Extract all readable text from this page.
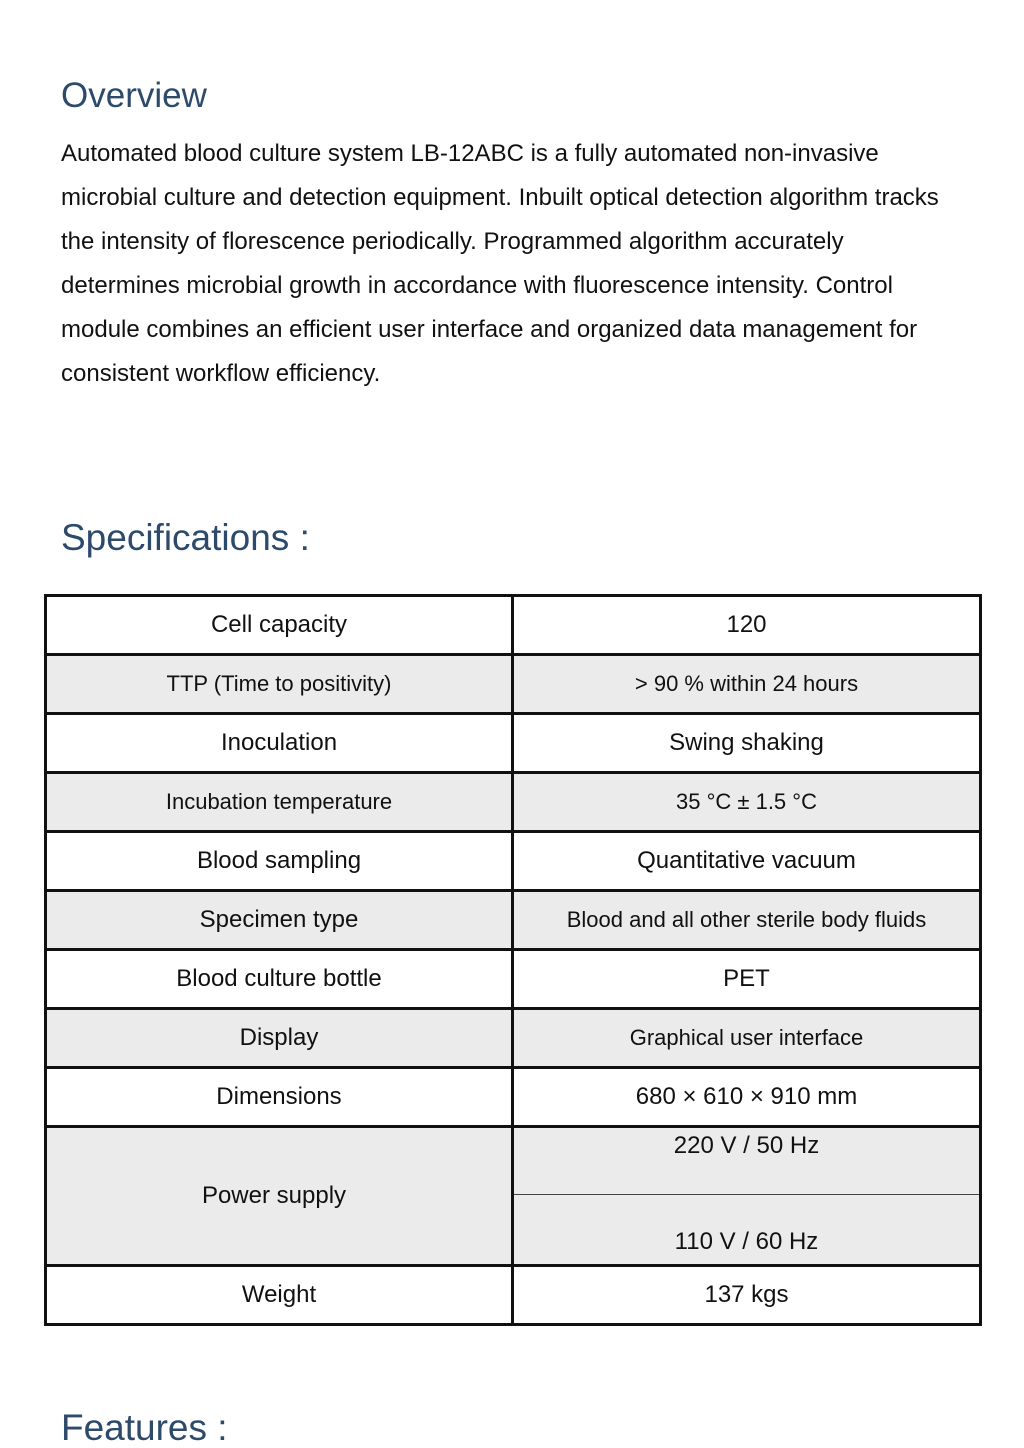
Overview

Automated blood culture system LB-12ABC is a fully automated non-invasive microbial culture and detection equipment. Inbuilt optical detection algorithm tracks the intensity of florescence periodically. Programmed algorithm accurately determines microbial growth in accordance with fluorescence intensity. Control module combines an efficient user interface and organized data management for consistent workflow efficiency.

Specifications :
Cell capacity	120
TTP (Time to positivity)	> 90 % within 24 hours
Inoculation	Swing shaking
Incubation temperature	35 °C ± 1.5 °C
Blood sampling	Quantitative vacuum
Specimen type	Blood and all other sterile body fluids
Blood culture bottle	PET
Display	Graphical user interface
Dimensions	680 × 610 × 910 mm
Power supply	220 V / 50 Hz
	110 V / 60 Hz
Weight	137 kgs
Features :
